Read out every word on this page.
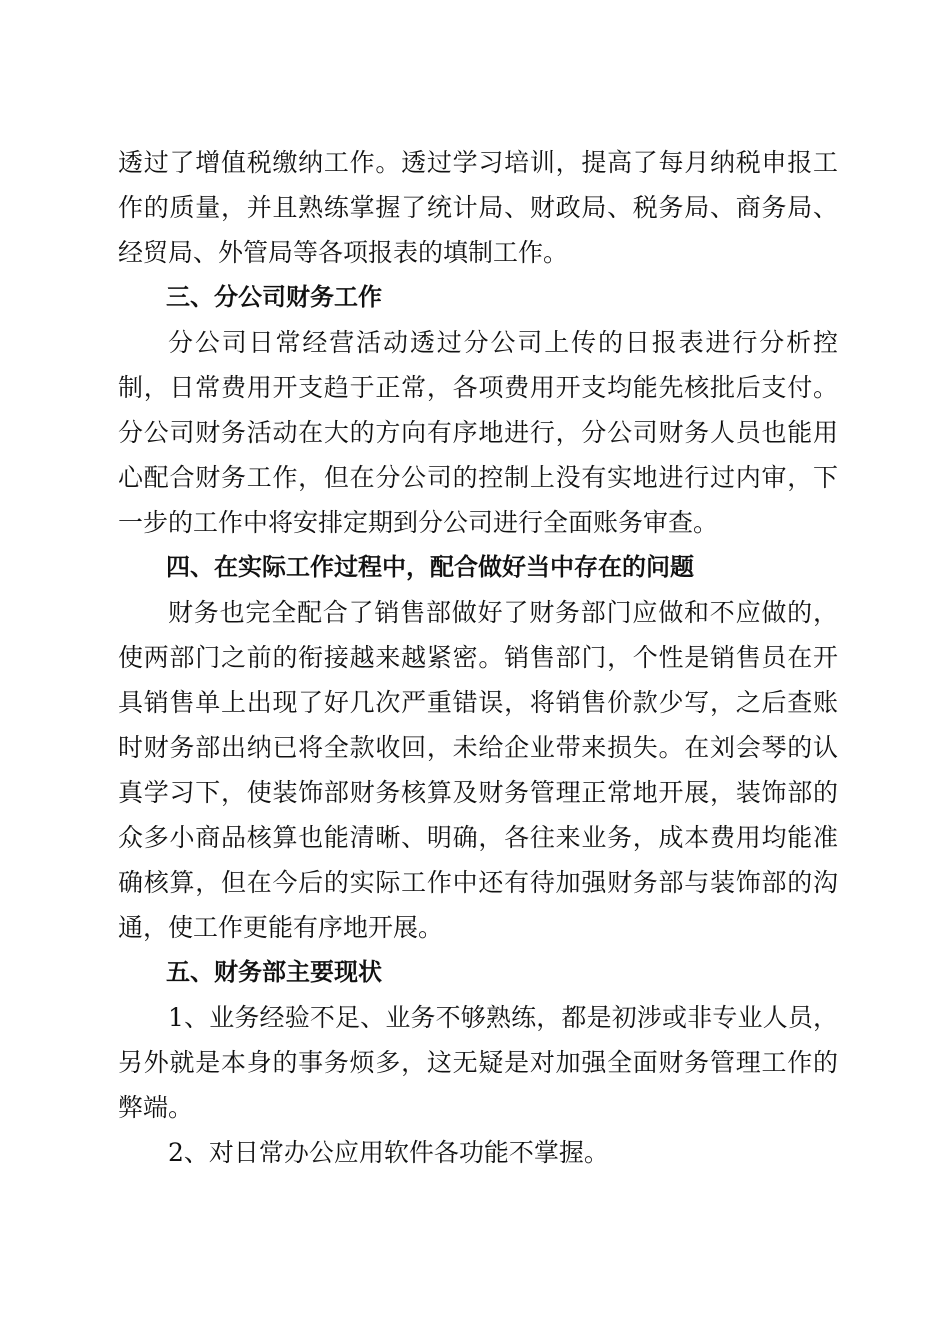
透过了增值税缴纳工作。透过学习培训，提高了每月纳税申报工作的质量，并且熟练掌握了统计局、财政局、税务局、商务局、经贸局、外管局等各项报表的填制工作。

三、分公司财务工作

分公司日常经营活动透过分公司上传的日报表进行分析控制，日常费用开支趋于正常，各项费用开支均能先核批后支付。分公司财务活动在大的方向有序地进行，分公司财务人员也能用心配合财务工作，但在分公司的控制上没有实地进行过内审，下一步的工作中将安排定期到分公司进行全面账务审查。

四、在实际工作过程中，配合做好当中存在的问题

财务也完全配合了销售部做好了财务部门应做和不应做的，使两部门之前的衔接越来越紧密。销售部门，个性是销售员在开具销售单上出现了好几次严重错误，将销售价款少写，之后查账时财务部出纳已将全款收回，未给企业带来损失。在刘会琴的认真学习下，使装饰部财务核算及财务管理正常地开展，装饰部的众多小商品核算也能清晰、明确，各往来业务，成本费用均能准确核算，但在今后的实际工作中还有待加强财务部与装饰部的沟通，使工作更能有序地开展。

五、财务部主要现状

1、业务经验不足、业务不够熟练，都是初涉或非专业人员，另外就是本身的事务烦多，这无疑是对加强全面财务管理工作的弊端。

2、对日常办公应用软件各功能不掌握。
